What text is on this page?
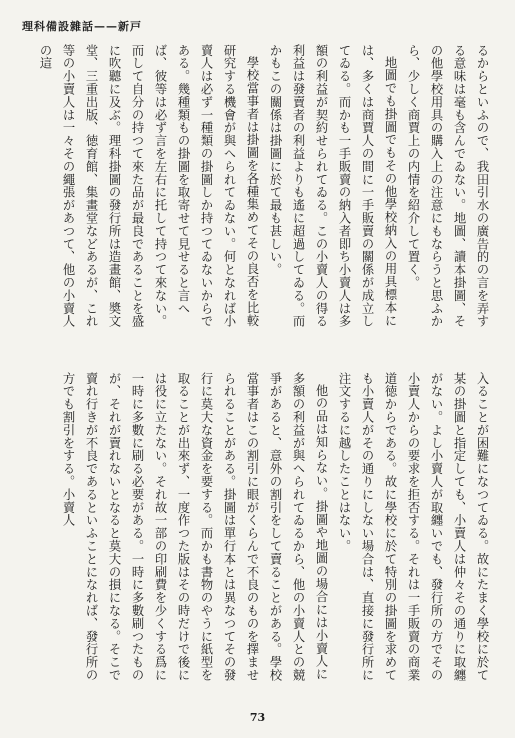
理科備設雜話——新戸

るからといふので、我田引水の廣告的の言を弄する意味は毫も含んでゐない。地圖、讀本掛圖、その他學校用具の購入上の注意にもならうと思ふから、少しく商賈上の内情を紹介して置く。

地圖でも掛圖でもその他學校納入の用具標本には、多くは商賈人の間に一手販賣の關係が成立してゐる。而かも一手販賣の納入者即ち小賣人は多額の利益が契約せられてゐる。この小賣人の得る利益は發賣者の利益よりも遙に超過してゐる。而かもこの關係は掛圖に於て最も甚しい。

學校當事者は掛圖を各種集めてその良否を比較研究する機會が與へられてゐない。何となれば小賣人は必ず一種類の掛圖しか持つてゐないからである。幾種類もの掛圖を取寄せて見せると言へば、彼等は必ず言を左右に托して持つて來ない。而して自分の持つて來た品が最良であることを盛に吹聽に及ぶ。理科掛圖の發行所は造畫館、奬文堂、三重出版、徳育館、集畫堂などあるが、これ等の小賣人は一々その繩張があつて、他の小賣人の這

入ることが困難になつてゐる。故にたまく學校に於て某の掛圖と指定しても、小賣人は仲々その通りに取纏がない。よし小賣人が取纏いでも、發行所の方でその小賣人からの要求を拒否する。それは一手販賣の商業道徳からである。故に學校に於て特別の掛圖を求めても小賣人がその通りにしない場合は、直接に發行所に注文するに越したことはない。

他の品は知らない。掛圖や地圖の場合には小賣人に多額の利益が與へられてゐるから、他の小賣人との競爭があると、意外の割引をして賣ることがある。學校當事者はこの割引に眼がくらんで不良のものを擇ませられることがある。掛圖は單行本とは異なつてその發行に莫大な資金を要する。而かも書物のやうに紙型を取ることが出來ず、一度作つた版はその時だけで後には役に立たない。それ故一部の印刷費を少くする爲に一時に多數に刷る必要がある。一時に多數刷つたものが、それが賣れないとなると莫大の損になる。そこで賣れ行きが不良であるといふことになれば、發行所の方でも割引をする。小賣人

73
